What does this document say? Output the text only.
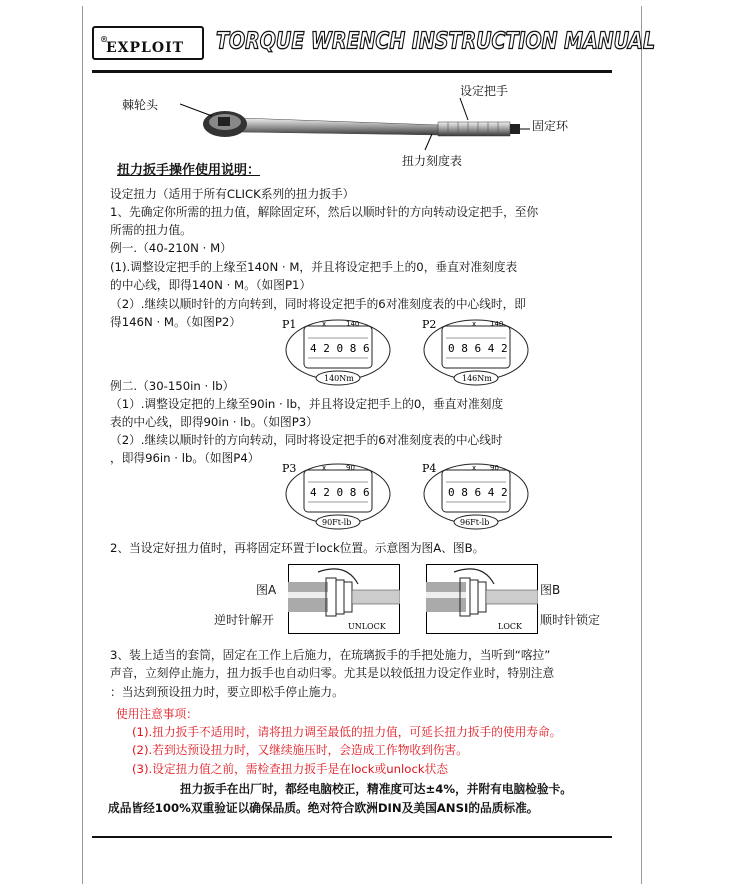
EXPLOIT
®	TORQUE WRENCH INSTRUCTION MANUAL
棘轮头
设定把手
固定环
扭力刻度表
扭力扳手操作使用说明：
设定扭力（适用于所有CLICK系列的扭力扳手）
1、先确定你所需的扭力值，解除固定环，然后以顺时针的方向转动设定把手，至你
所需的扭力值。
例一.（40-210N · M）
(1).调整设定把手的上缘至140N · M，并且将设定把手上的0，垂直对准刻度表
的中心线，即得140N · M。（如图P1）
（2）.继续以顺时针的方向转到，同时将设定把手的6对准刻度表的中心线时，即
得146N · M。（如图P2）	P1	x	140
4 2 0 8 6
140Nm
P2	x 140
0 8 6 4 2
146Nm
例二.（30-150in · lb）
（1）.调整设定把的上缘至90in · lb，并且将设定把手上的0，垂直对准刻度
表的中心线，即得90in · lb。（如图P3）
（2）.继续以顺时针的方向转动，同时将设定把手的6对准刻度表的中心线时
，即得96in · lb。（如图P4）
P3	x	90
4 2 0 8 6
90Ft-lb
P4	x 90
0 8 6 4 2
96Ft-lb
2、当设定好扭力值时，再将固定环置于lock位置。示意图为图A、图B。
图A
逆时针解开	UNLOCK	LOCK
图B
顺时针锁定
3、装上适当的套筒，固定在工作上后施力，在琉璃扳手的手把处施力，当听到“喀拉”
声音，立刻停止施力，扭力扳手也自动归零。尤其是以较低扭力设定作业时，特别注意
：当达到预设扭力时，要立即松手停止施力。
使用注意事项：
(1).扭力扳手不适用时，请将扭力调至最低的扭力值，可延长扭力扳手的使用寿命。
(2).若到达预设扭力时，又继续施压时，会造成工作物收到伤害。
(3).设定扭力值之前，需检查扭力扳手是在lock或unlock状态
扭力扳手在出厂时，都经电脑校正，精准度可达±4%，并附有电脑检验卡。
成品皆经100%双重验证以确保品质。绝对符合欧洲DIN及美国ANSI的品质标准。
